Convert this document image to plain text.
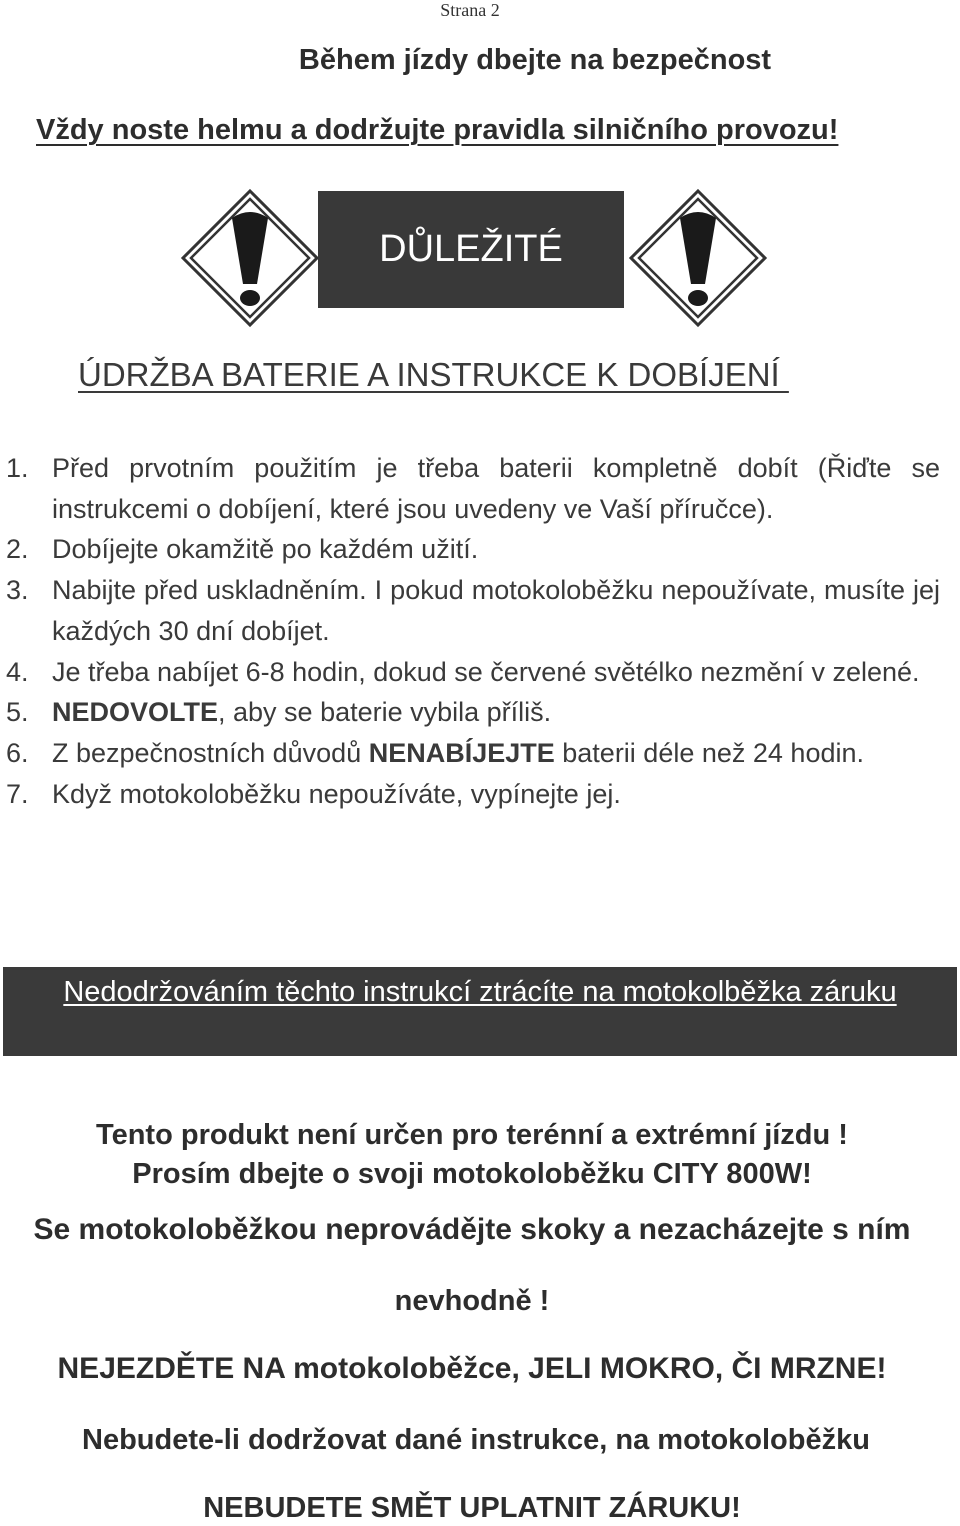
Strana 2
Během jízdy dbejte na bezpečnost
Vždy noste helmu a dodržujte pravidla silničního provozu!
DŮLEŽITÉ
ÚDRŽBA BATERIE A INSTRUKCE K DOBÍJENÍ
1. Před prvotním použitím je třeba baterii kompletně dobít (Řiďte se instrukcemi o dobíjení, které jsou uvedeny ve Vaší příručce).
2. Dobíjejte okamžitě po každém užití.
3. Nabijte před uskladněním. I pokud motokoloběžku nepoužívate, musíte jej každých 30 dní dobíjet.
4. Je třeba nabíjet 6-8 hodin, dokud se červené světélko nezmění v zelené.
5. NEDOVOLTE, aby se baterie vybila příliš.
6. Z bezpečnostních důvodů NENABÍJEJTE baterii déle než 24 hodin.
7. Když motokoloběžku nepoužíváte, vypínejte jej.
Nedodržováním těchto instrukcí ztrácíte na motokolběžka záruku
Tento produkt není určen pro terénní a extrémní jízdu !
Prosím dbejte o svoji motokoloběžku CITY 800W!
Se motokoloběžkou neprovádějte skoky a nezacházejte s ním
nevhodně !
NEJEZDĚTE NA motokoloběžce, JELI MOKRO, ČI MRZNE!
Nebudete-li dodržovat dané instrukce, na motokoloběžku
NEBUDETE SMĚT UPLATNIT ZÁRUKU!
